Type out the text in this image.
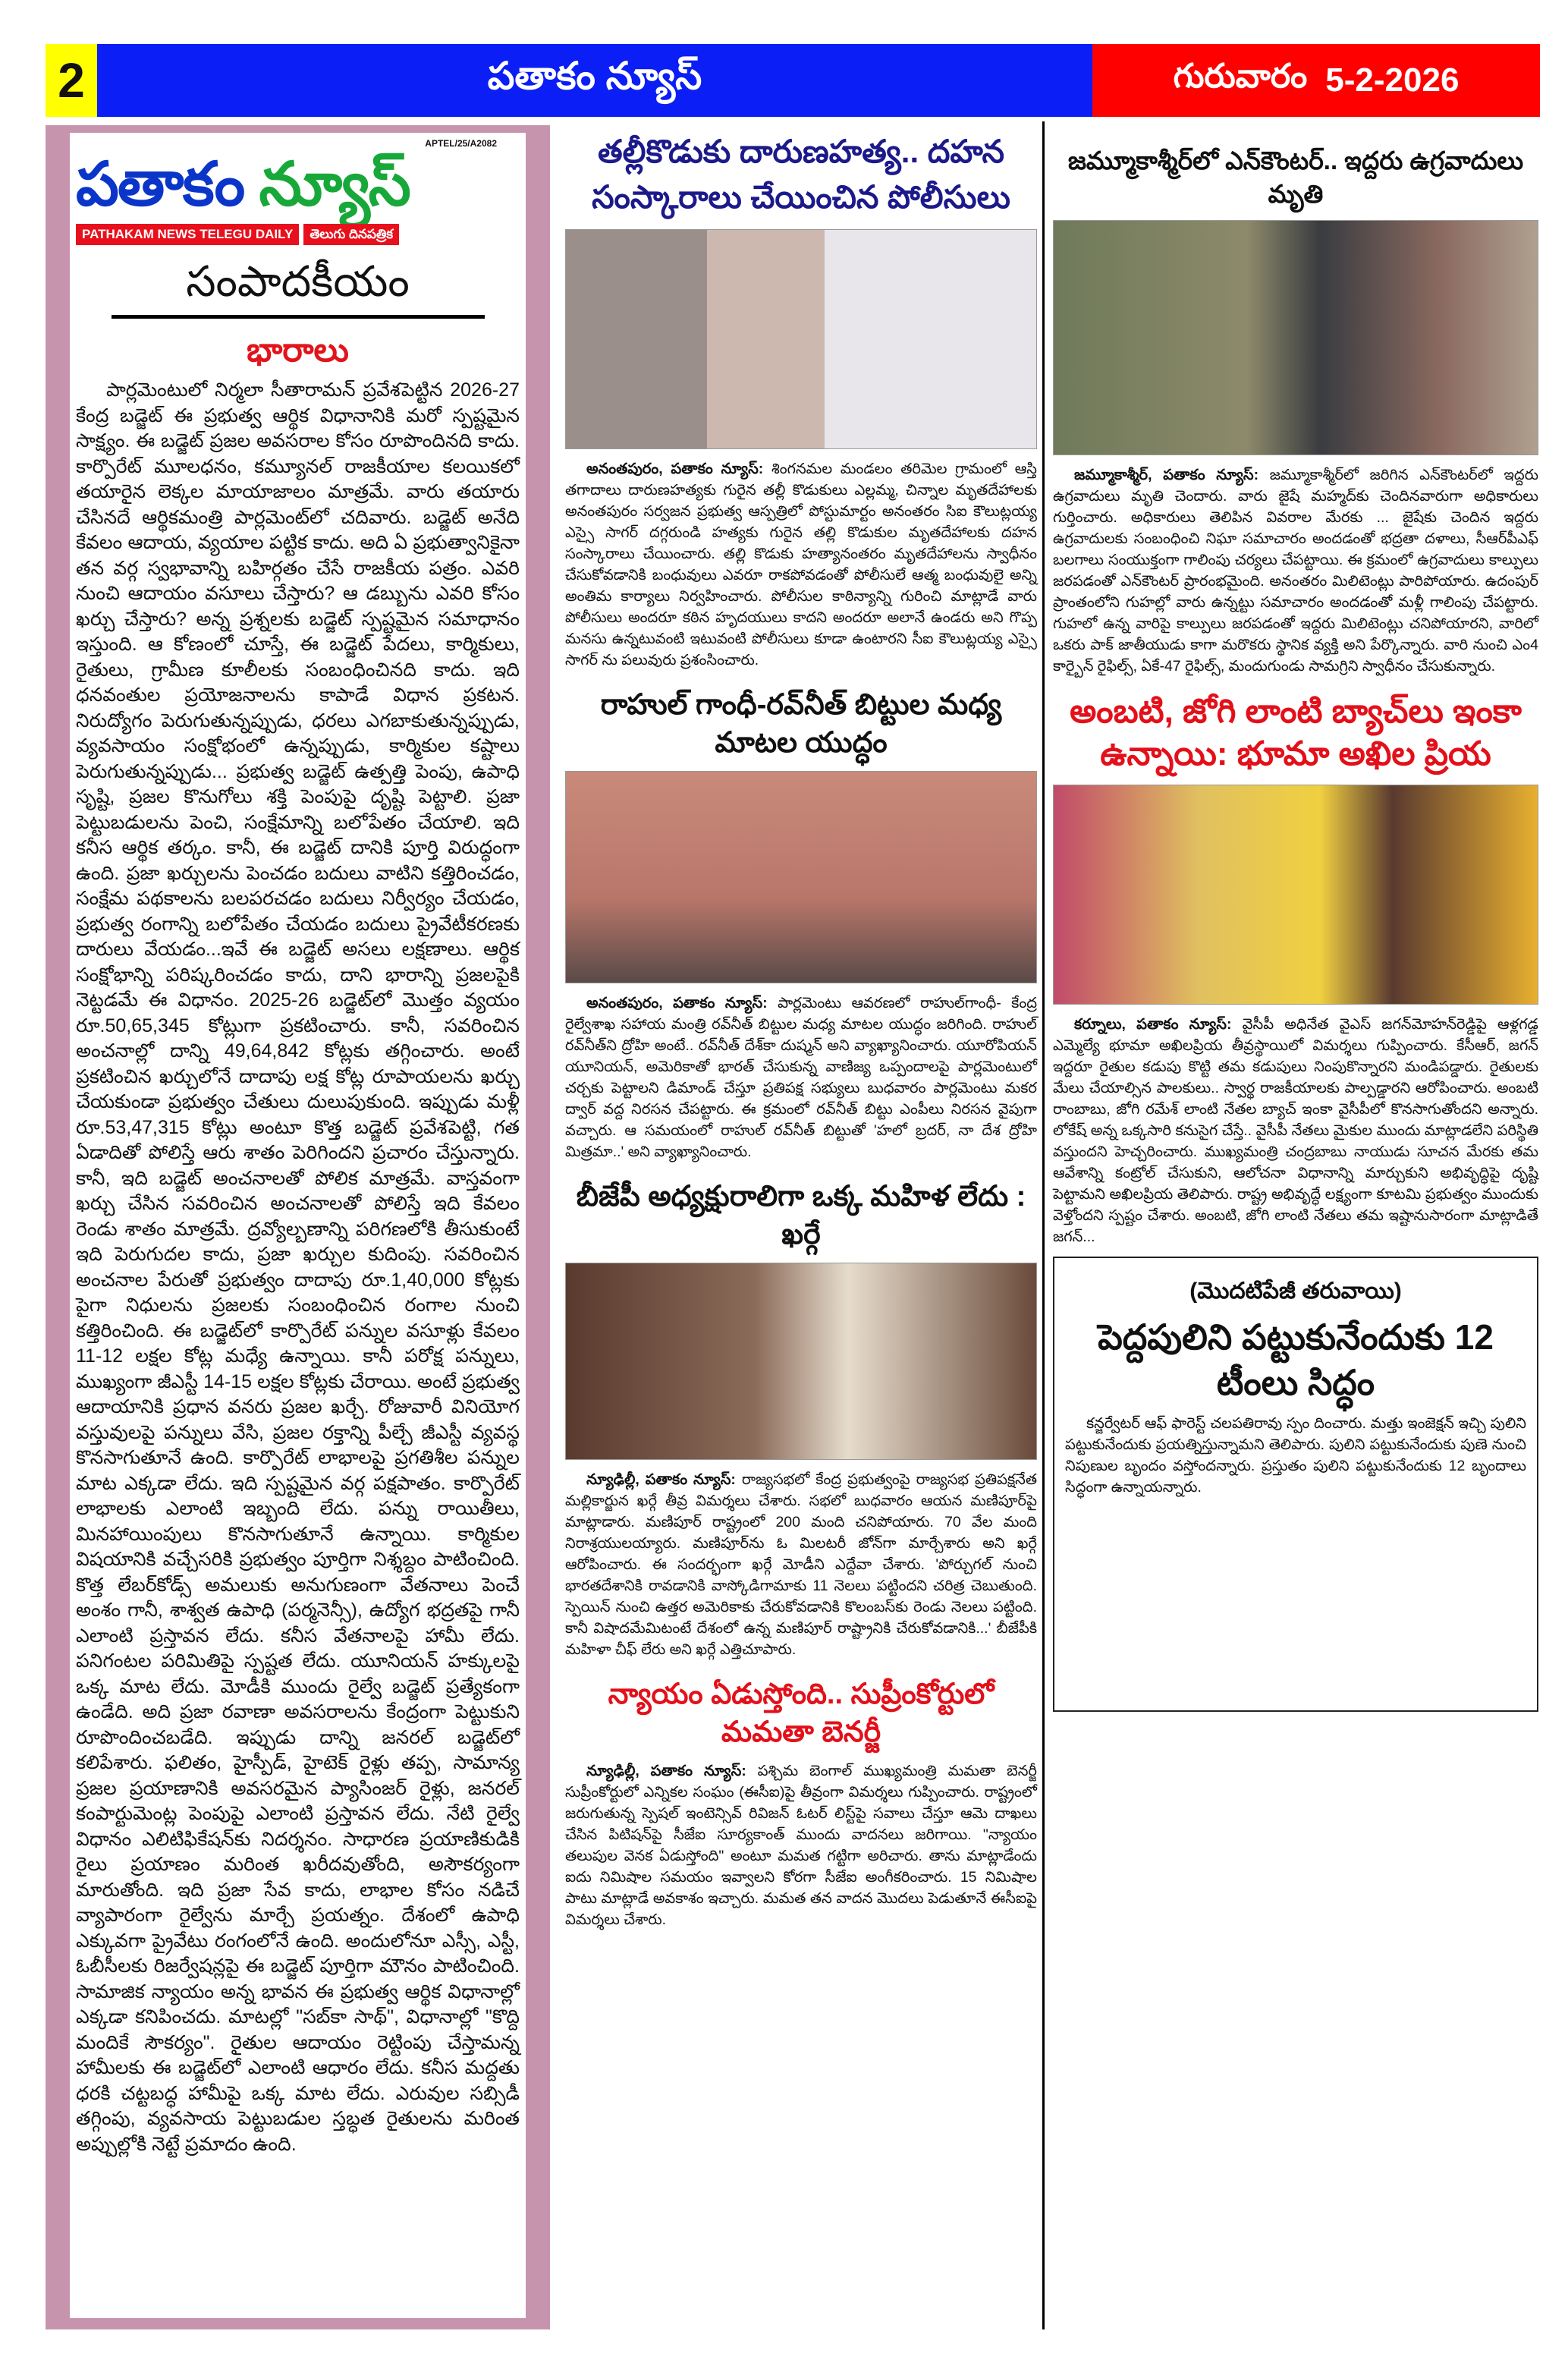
2	పతాకం న్యూస్	గురువారం 5-2-2026
APTEL/25/A2082
పతాకం న్యూస్
PATHAKAM NEWS TELEGU DAILY	తెలుగు దినపత్రిక
సంపాదకీయం
భారాలు

పార్లమెంటులో నిర్మలా సీతారామన్ ప్రవేశపెట్టిన 2026-27 కేంద్ర బడ్జెట్ ఈ ప్రభుత్వ ఆర్థిక విధానానికి మరో స్పష్టమైన సాక్ష్యం. ఈ బడ్జెట్ ప్రజల అవసరాల కోసం రూపొందినది కాదు. కార్పొరేట్ మూలధనం, కమ్యూనల్ రాజకీయాల కలయికలో తయారైన లెక్కల మాయాజాలం మాత్రమే. వారు తయారు చేసినదే ఆర్థికమంత్రి పార్లమెంట్‌లో చదివారు. బడ్జెట్ అనేది కేవలం ఆదాయ, వ్యయాల పట్టిక కాదు. అది ఏ ప్రభుత్వానికైనా తన వర్గ స్వభావాన్ని బహిర్గతం చేసే రాజకీయ పత్రం. ఎవరి నుంచి ఆదాయం వసూలు చేస్తారు? ఆ డబ్బును ఎవరి కోసం ఖర్చు చేస్తారు? అన్న ప్రశ్నలకు బడ్జెట్ స్పష్టమైన సమాధానం ఇస్తుంది. ఆ కోణంలో చూస్తే, ఈ బడ్జెట్ పేదలు, కార్మికులు, రైతులు, గ్రామీణ కూలీలకు సంబంధించినది కాదు. ఇది ధనవంతుల ప్రయోజనాలను కాపాడే విధాన ప్రకటన. నిరుద్యోగం పెరుగుతున్నప్పుడు, ధరలు ఎగబాకుతున్నప్పుడు, వ్యవసాయం సంక్షోభంలో ఉన్నప్పుడు, కార్మికుల కష్టాలు పెరుగుతున్నప్పుడు... ప్రభుత్వ బడ్జెట్ ఉత్పత్తి పెంపు, ఉపాధి సృష్టి, ప్రజల కొనుగోలు శక్తి పెంపుపై దృష్టి పెట్టాలి. ప్రజా పెట్టుబడులను పెంచి, సంక్షేమాన్ని బలోపేతం చేయాలి. ఇది కనీస ఆర్థిక తర్కం. కానీ, ఈ బడ్జెట్ దానికి పూర్తి విరుద్ధంగా ఉంది. ప్రజా ఖర్చులను పెంచడం బదులు వాటిని కత్తిరించడం, సంక్షేమ పథకాలను బలపరచడం బదులు నిర్వీర్యం చేయడం, ప్రభుత్వ రంగాన్ని బలోపేతం చేయడం బదులు ప్రైవేటీకరణకు దారులు వేయడం...ఇవే ఈ బడ్జెట్ అసలు లక్షణాలు. ఆర్థిక సంక్షోభాన్ని పరిష్కరించడం కాదు, దాని భారాన్ని ప్రజలపైకి నెట్టడమే ఈ విధానం. 2025-26 బడ్జెట్‌లో మొత్తం వ్యయం రూ.50,65,345 కోట్లుగా ప్రకటించారు. కానీ, సవరించిన అంచనాల్లో దాన్ని 49,64,842 కోట్లకు తగ్గించారు. అంటే ప్రకటించిన ఖర్చులోనే దాదాపు లక్ష కోట్ల రూపాయలను ఖర్చు చేయకుండా ప్రభుత్వం చేతులు దులుపుకుంది. ఇప్పుడు మళ్లీ రూ.53,47,315 కోట్లు అంటూ కొత్త బడ్జెట్ ప్రవేశపెట్టి, గత ఏడాదితో పోలిస్తే ఆరు శాతం పెరిగిందని ప్రచారం చేస్తున్నారు. కానీ, ఇది బడ్జెట్ అంచనాలతో పోలిక మాత్రమే. వాస్తవంగా ఖర్చు చేసిన సవరించిన అంచనాలతో పోలిస్తే ఇది కేవలం రెండు శాతం మాత్రమే. ద్రవ్యోల్బణాన్ని పరిగణలోకి తీసుకుంటే ఇది పెరుగుదల కాదు, ప్రజా ఖర్చుల కుదింపు. సవరించిన అంచనాల పేరుతో ప్రభుత్వం దాదాపు రూ.1,40,000 కోట్లకు పైగా నిధులను ప్రజలకు సంబంధించిన రంగాల నుంచి కత్తిరించింది. ఈ బడ్జెట్‌లో కార్పొరేట్ పన్నుల వసూళ్లు కేవలం 11-12 లక్షల కోట్ల మధ్యే ఉన్నాయి. కానీ పరోక్ష పన్నులు, ముఖ్యంగా జీఎస్టీ 14-15 లక్షల కోట్లకు చేరాయి. అంటే ప్రభుత్వ ఆదాయానికి ప్రధాన వనరు ప్రజల ఖర్చే. రోజువారీ వినియోగ వస్తువులపై పన్నులు వేసి, ప్రజల రక్తాన్ని పీల్చే జీఎస్టీ వ్యవస్థ కొనసాగుతూనే ఉంది. కార్పొరేట్ లాభాలపై ప్రగతిశీల పన్నుల మాట ఎక్కడా లేదు. ఇది స్పష్టమైన వర్గ పక్షపాతం. కార్పొరేట్ లాభాలకు ఎలాంటి ఇబ్బంది లేదు. పన్ను రాయితీలు, మినహాయింపులు కొనసాగుతూనే ఉన్నాయి. కార్మికుల విషయానికి వచ్చేసరికి ప్రభుత్వం పూర్తిగా నిశ్శబ్దం పాటించింది. కొత్త లేబర్‌కోడ్స్ అమలుకు అనుగుణంగా వేతనాలు పెంచే అంశం గానీ, శాశ్వత ఉపాధి (పర్మనెన్సీ), ఉద్యోగ భద్రతపై గానీ ఎలాంటి ప్రస్తావన లేదు. కనీస వేతనాలపై హామీ లేదు. పనిగంటల పరిమితిపై స్పష్టత లేదు. యూనియన్ హక్కులపై ఒక్క మాట లేదు. మోడీకి ముందు రైల్వే బడ్జెట్ ప్రత్యేకంగా ఉండేది. అది ప్రజా రవాణా అవసరాలను కేంద్రంగా పెట్టుకుని రూపొందించబడేది. ఇప్పుడు దాన్ని జనరల్ బడ్జెట్‌లో కలిపేశారు. ఫలితం, హైస్పీడ్, హైటెక్ రైళ్లు తప్ప, సామాన్య ప్రజల ప్రయాణానికి అవసరమైన ప్యాసింజర్ రైళ్లు, జనరల్ కంపార్టుమెంట్ల పెంపుపై ఎలాంటి ప్రస్తావన లేదు. నేటి రైల్వే విధానం ఎలిటిఫికేషన్‌కు నిదర్శనం. సాధారణ ప్రయాణికుడికి రైలు ప్రయాణం మరింత ఖరీదవుతోంది, అసౌకర్యంగా మారుతోంది. ఇది ప్రజా సేవ కాదు, లాభాల కోసం నడిచే వ్యాపారంగా రైల్వేను మార్చే ప్రయత్నం. దేశంలో ఉపాధి ఎక్కువగా ప్రైవేటు రంగంలోనే ఉంది. అందులోనూ ఎస్సీ, ఎస్టీ, ఓబీసీలకు రిజర్వేషన్లపై ఈ బడ్జెట్ పూర్తిగా మౌనం పాటించింది. సామాజిక న్యాయం అన్న భావన ఈ ప్రభుత్వ ఆర్థిక విధానాల్లో ఎక్కడా కనిపించదు. మాటల్లో "సబ్‌కా సాథ్", విధానాల్లో "కొద్ది మందికే సౌకర్యం". రైతుల ఆదాయం రెట్టింపు చేస్తామన్న హామీలకు ఈ బడ్జెట్‌లో ఎలాంటి ఆధారం లేదు. కనీస మద్దతు ధరకి చట్టబద్ధ హామీపై ఒక్క మాట లేదు. ఎరువుల సబ్సిడీ తగ్గింపు, వ్యవసాయ పెట్టుబడుల స్తబ్ధత రైతులను మరింత అప్పుల్లోకి నెట్టే ప్రమాదం ఉంది.

తల్లీకొడుకు దారుణహత్య.. దహన సంస్కారాలు చేయించిన పోలీసులు

అనంతపురం, పతాకం న్యూస్: శింగనమల మండలం తరిమెల గ్రామంలో ఆస్తి తగాదాలు దారుణహత్యకు గురైన తల్లీ కొడుకులు ఎల్లమ్మ, చిన్నాల మృతదేహాలకు అనంతపురం సర్వజన ప్రభుత్వ ఆస్పత్రిలో పోస్టుమార్టం అనంతరం సిఐ కౌలుట్లయ్య ఎస్సై సాగర్ దగ్గరుండి హత్యకు గురైన తల్లి కొడుకుల మృతదేహాలకు దహన సంస్కారాలు చేయించారు. తల్లి కొడుకు హత్యానంతరం మృతదేహాలను స్వాధీనం చేసుకోవడానికి బంధువులు ఎవరూ రాకపోవడంతో పోలీసులే ఆత్మ బంధువులై అన్ని అంతిమ కార్యాలు నిర్వహించారు. పోలీసుల కాఠిన్యాన్ని గురించి మాట్లాడే వారు పోలీసులు అందరూ కఠిన హృదయులు కాదని అందరూ అలానే ఉండరు అని గొప్ప మనసు ఉన్నటువంటి ఇటువంటి పోలీసులు కూడా ఉంటారని సీఐ కౌలుట్లయ్య ఎస్సై సాగర్ ను పలువురు ప్రశంసించారు.

రాహుల్ గాంధీ-రవ్‌నీత్ బిట్టుల మధ్య మాటల యుద్ధం

అనంతపురం, పతాకం న్యూస్: పార్లమెంటు ఆవరణలో రాహుల్‌గాంధీ- కేంద్ర రైల్వేశాఖ సహాయ మంత్రి రవ్‌నీత్ బిట్టుల మధ్య మాటల యుద్ధం జరిగింది. రాహుల్ రవ్‌నీత్‌ని ద్రోహి అంటే.. రవ్‌నీత్ దేశ్‌కా దుష్మన్ అని వ్యాఖ్యానించారు. యూరోపియన్ యూనియన్, అమెరికాతో భారత్ చేసుకున్న వాణిజ్య ఒప్పందాలపై పార్లమెంటులో చర్చకు పెట్టాలని డిమాండ్ చేస్తూ ప్రతిపక్ష సభ్యులు బుధవారం పార్లమెంటు మకర ద్వార్ వద్ద నిరసన చేపట్టారు. ఈ క్రమంలో రవ్‌నీత్ బిట్టు ఎంపీలు నిరసన వైపుగా వచ్చారు. ఆ సమయంలో రాహుల్ రవ్‌నీత్ బిట్టుతో 'హలో బ్రదర్, నా దేశ ద్రోహి మిత్రమా..' అని వ్యాఖ్యానించారు.

బీజేపీ అధ్యక్షురాలిగా ఒక్క మహిళ లేదు : ఖర్గే

న్యూఢిల్లీ, పతాకం న్యూస్: రాజ్యసభలో కేంద్ర ప్రభుత్వంపై రాజ్యసభ ప్రతిపక్షనేత మల్లికార్జున ఖర్గే తీవ్ర విమర్శలు చేశారు. సభలో బుధవారం ఆయన మణిపూర్‌పై మాట్లాడారు. మణిపూర్ రాష్ట్రంలో 200 మంది చనిపోయారు. 70 వేల మంది నిరాశ్రయులయ్యారు. మణిపూర్‌ను ఓ మిలటరీ జోన్‌గా మార్చేశారు అని ఖర్గే ఆరోపించారు. ఈ సందర్భంగా ఖర్గే మోడీని ఎద్దేవా చేశారు. 'పోర్చుగల్ నుంచి భారతదేశానికి రావడానికి వాస్కోడిగామాకు 11 నెలలు పట్టిందని చరిత్ర చెబుతుంది. స్పెయిన్ నుంచి ఉత్తర అమెరికాకు చేరుకోవడానికి కొలంబస్‌కు రెండు నెలలు పట్టింది. కానీ విషాదమేమిటంటే దేశంలో ఉన్న మణిపూర్ రాష్ట్రానికి చేరుకోవడానికి...' బీజేపీకి మహిళా చీఫ్ లేరు అని ఖర్గే ఎత్తిచూపారు.

న్యాయం ఏడుస్తోంది.. సుప్రీంకోర్టులో మమతా బెనర్జీ

న్యూఢిల్లీ, పతాకం న్యూస్: పశ్చిమ బెంగాల్ ముఖ్యమంత్రి మమతా బెనర్జీ సుప్రీంకోర్టులో ఎన్నికల సంఘం (ఈసీఐ)పై తీవ్రంగా విమర్శలు గుప్పించారు. రాష్ట్రంలో జరుగుతున్న స్పెషల్ ఇంటెన్సివ్ రివిజన్ ఓటర్ లిస్ట్‌పై సవాలు చేస్తూ ఆమె దాఖలు చేసిన పిటిషన్‌పై సీజేఐ సూర్యకాంత్ ముందు వాదనలు జరిగాయి. "న్యాయం తలుపుల వెనక ఏడుస్తోంది" అంటూ మమత గట్టిగా అరిచారు. తాను మాట్లాడేందు ఐదు నిమిషాల సమయం ఇవ్వాలని కోరగా సీజేఐ అంగీకరించారు. 15 నిమిషాల పాటు మాట్లాడే అవకాశం ఇచ్చారు. మమత తన వాదన మొదలు పెడుతూనే ఈసీఐపై విమర్శలు చేశారు.

జమ్మూకాశ్మీర్‌లో ఎన్‌కౌంటర్.. ఇద్దరు ఉగ్రవాదులు మృతి

జమ్మూకాశ్మీర్, పతాకం న్యూస్: జమ్మూకాశ్మీర్‌లో జరిగిన ఎన్‌కౌంటర్‌లో ఇద్దరు ఉగ్రవాదులు మృతి చెందారు. వారు జైషే మహ్మద్‌కు చెందినవారుగా అధికారులు గుర్తించారు. అధికారులు తెలిపిన వివరాల మేరకు ... జైషేకు చెందిన ఇద్దరు ఉగ్రవాదులకు సంబంధించి నిఘా సమాచారం అందడంతో భద్రతా దళాలు, సీఆర్‌పీఎఫ్ బలగాలు సంయుక్తంగా గాలింపు చర్యలు చేపట్టాయి. ఈ క్రమంలో ఉగ్రవాదులు కాల్పులు జరపడంతో ఎన్‌కౌంటర్ ప్రారంభమైంది. అనంతరం మిలిటెంట్లు పారిపోయారు. ఉదంపుర్ ప్రాంతంలోని గుహల్లో వారు ఉన్నట్టు సమాచారం అందడంతో మళ్లీ గాలింపు చేపట్టారు. గుహలో ఉన్న వారిపై కాల్పులు జరపడంతో ఇద్దరు మిలిటెంట్లు చనిపోయారని, వారిలో ఒకరు పాక్ జాతీయుడు కాగా మరొకరు స్థానిక వ్యక్తి అని పేర్కొన్నారు. వారి నుంచి ఎం4 కార్బైన్ రైఫిల్స్, ఏకే-47 రైఫిల్స్, మందుగుండు సామగ్రిని స్వాధీనం చేసుకున్నారు.

అంబటి, జోగి లాంటి బ్యాచ్‌లు ఇంకా ఉన్నాయి: భూమా అఖిల ప్రియ

కర్నూలు, పతాకం న్యూస్: వైసీపీ అధినేత వైఎస్ జగన్‌మోహన్‌రెడ్డిపై ఆళ్లగడ్డ ఎమ్మెల్యే భూమా అఖిలప్రియ తీవ్రస్థాయిలో విమర్శలు గుప్పించారు. కేసీఆర్, జగన్ ఇద్దరూ రైతుల కడుపు కొట్టి తమ కడుపులు నింపుకొన్నారని మండిపడ్డారు. రైతులకు మేలు చేయాల్సిన పాలకులు.. స్వార్థ రాజకీయాలకు పాల్పడ్డారని ఆరోపించారు. అంబటి రాంబాబు, జోగి రమేశ్ లాంటి నేతల బ్యాచ్ ఇంకా వైసీపీలో కొనసాగుతోందని అన్నారు. లోకేష్ అన్న ఒక్కసారి కనుసైగ చేస్తే.. వైసీపీ నేతలు మైకుల ముందు మాట్లాడలేని పరిస్థితి వస్తుందని హెచ్చరించారు. ముఖ్యమంత్రి చంద్రబాబు నాయుడు సూచన మేరకు తమ ఆవేశాన్ని కంట్రోల్ చేసుకుని, ఆలోచనా విధానాన్ని మార్చుకుని అభివృద్ధిపై దృష్టి పెట్టామని అఖిలప్రియ తెలిపారు. రాష్ట్ర అభివృద్ధే లక్ష్యంగా కూటమి ప్రభుత్వం ముందుకు వెళ్తోందని స్పష్టం చేశారు. అంబటి, జోగి లాంటి నేతలు తమ ఇష్టానుసారంగా మాట్లాడితే జగన్...

(మొదటిపేజీ తరువాయి)
పెద్దపులిని పట్టుకునేందుకు 12 టీంలు సిద్ధం

కన్జర్వేటర్ ఆఫ్ ఫారెస్ట్ చలపతిరావు స్పం దించారు. మత్తు ఇంజెక్షన్ ఇచ్చి పులిని పట్టుకునేందుకు ప్రయత్నిస్తున్నామని తెలిపారు. పులిని పట్టుకునేందుకు పుణె నుంచి నిపుణుల బృందం వస్తోందన్నారు. ప్రస్తుతం పులిని పట్టుకునేందుకు 12 బృందాలు సిద్ధంగా ఉన్నాయన్నారు.
